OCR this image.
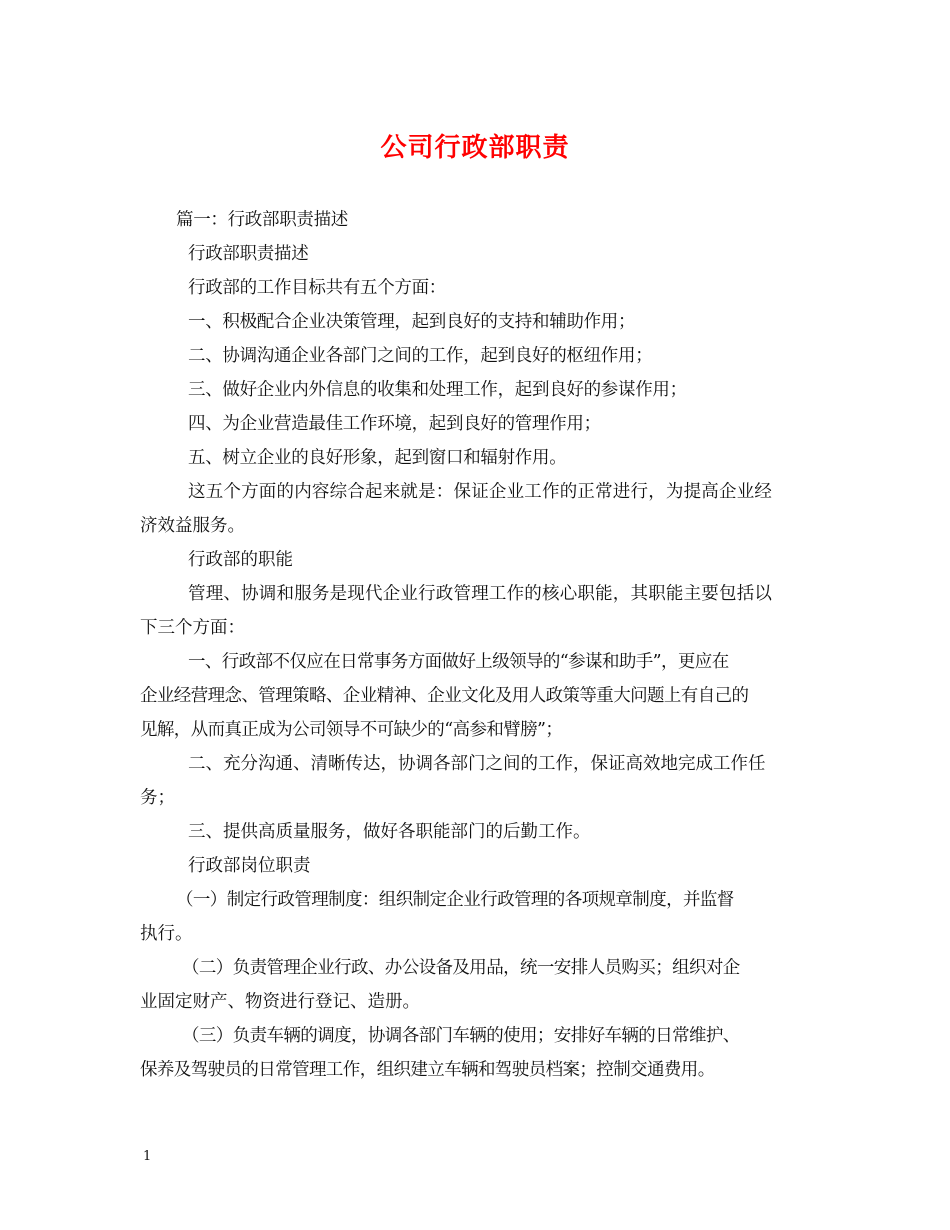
公司行政部职责

篇一：行政部职责描述

行政部职责描述

行政部的工作目标共有五个方面：

一、积极配合企业决策管理，起到良好的支持和辅助作用；

二、协调沟通企业各部门之间的工作，起到良好的枢纽作用；

三、做好企业内外信息的收集和处理工作，起到良好的参谋作用；

四、为企业营造最佳工作环境，起到良好的管理作用；

五、树立企业的良好形象，起到窗口和辐射作用。

这五个方面的内容综合起来就是：保证企业工作的正常进行，为提高企业经

济效益服务。

行政部的职能

管理、协调和服务是现代企业行政管理工作的核心职能，其职能主要包括以

下三个方面：

一、行政部不仅应在日常事务方面做好上级领导的“参谋和助手”，更应在

企业经营理念、管理策略、企业精神、企业文化及用人政策等重大问题上有自己的

见解，从而真正成为公司领导不可缺少的“高参和臂膀”；

二、充分沟通、清晰传达，协调各部门之间的工作，保证高效地完成工作任

务；

三、提供高质量服务，做好各职能部门的后勤工作。

行政部岗位职责

（一）制定行政管理制度：组织制定企业行政管理的各项规章制度，并监督

执行。

（二）负责管理企业行政、办公设备及用品，统一安排人员购买；组织对企

业固定财产、物资进行登记、造册。

（三）负责车辆的调度，协调各部门车辆的使用；安排好车辆的日常维护、

保养及驾驶员的日常管理工作，组织建立车辆和驾驶员档案；控制交通费用。

1
